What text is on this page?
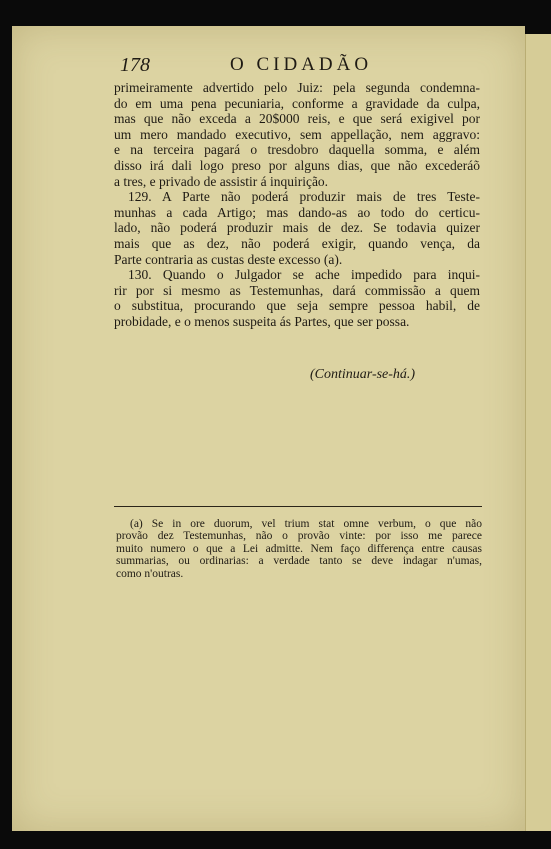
178	O CIDADÃO
primeiramente advertido pelo Juiz: pela segunda condemna-
do em uma pena pecuniaria, conforme a gravidade da culpa,
mas que não exceda a 20$000 reis, e que será exigivel por
um mero mandado executivo, sem appellação, nem aggravo:
e na terceira pagará o tresdobro daquella somma, e além
disso irá dali logo preso por alguns dias, que não excederáõ
a tres, e privado de assistir á inquirição.
129. A Parte não poderá produzir mais de tres Teste-
munhas a cada Artigo; mas dando-as ao todo do certicu-
lado, não poderá produzir mais de dez. Se todavia quizer
mais que as dez, não poderá exigir, quando vença, da
Parte contraria as custas deste excesso (a).
130. Quando o Julgador se ache impedido para inqui-
rir por si mesmo as Testemunhas, dará commissão a quem
o substitua, procurando que seja sempre pessoa habil, de
probidade, e o menos suspeita ás Partes, que ser possa.
(Continuar-se-há.)
(a) Se in ore duorum, vel trium stat omne verbum, o que não
provão dez Testemunhas, não o provão vinte: por isso me parece
muito numero o que a Lei admitte. Nem faço differença entre causas
summarias, ou ordinarias: a verdade tanto se deve indagar n'umas,
como n'outras.
